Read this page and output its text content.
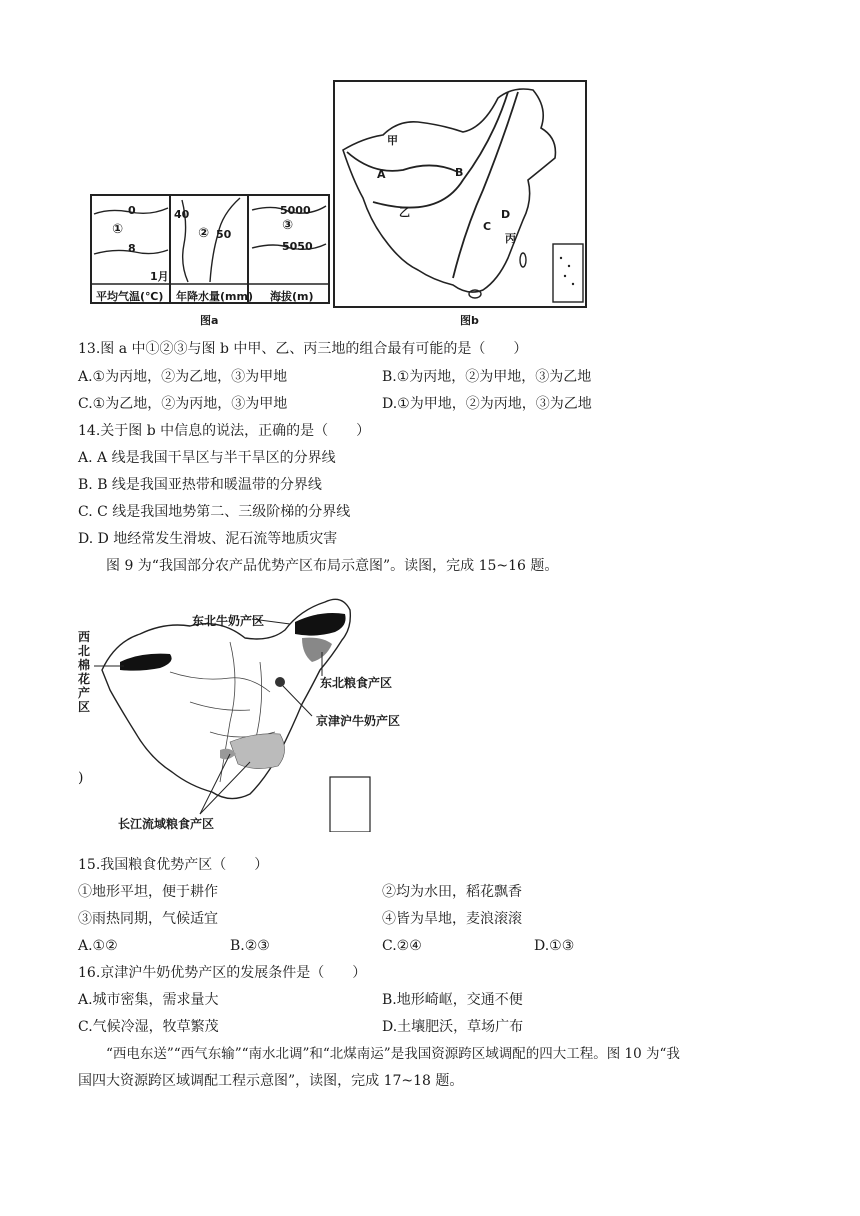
0
①
8
1月
平均气温(℃)
40
② 50
年降水量(mm)
5000
③
5050
海拔(m)
图a
甲
A	B
乙
C
D
丙
图b
13.图 a 中①②③与图 b 中甲、乙、丙三地的组合最有可能的是（　　）
A.①为丙地，②为乙地，③为甲地	B.①为丙地，②为甲地，③为乙地
C.①为乙地，②为丙地，③为甲地	D.①为甲地，②为丙地，③为乙地
14.关于图 b 中信息的说法，正确的是（　　）
A. A 线是我国干旱区与半干旱区的分界线
B. B 线是我国亚热带和暖温带的分界线
C. C 线是我国地势第二、三级阶梯的分界线
D. D 地经常发生滑坡、泥石流等地质灾害
图 9 为“我国部分农产品优势产区布局示意图”。读图，完成 15~16 题。
东北牛奶产区
东北粮食产区
京津沪牛奶产区
长江流域粮食产区
西
北
棉
花
产
区
)
15.我国粮食优势产区（　　）
①地形平坦，便于耕作	②均为水田，稻花飘香
③雨热同期，气候适宜	④皆为旱地，麦浪滚滚
A.①②	B.②③	C.②④	D.①③
16.京津沪牛奶优势产区的发展条件是（　　）
A.城市密集，需求量大	B.地形崎岖，交通不便
C.气候冷湿，牧草繁茂	D.土壤肥沃，草场广布
“西电东送”“西气东输”“南水北调”和“北煤南运”是我国资源跨区域调配的四大工程。图 10 为“我
国四大资源跨区域调配工程示意图”，读图，完成 17~18 题。
